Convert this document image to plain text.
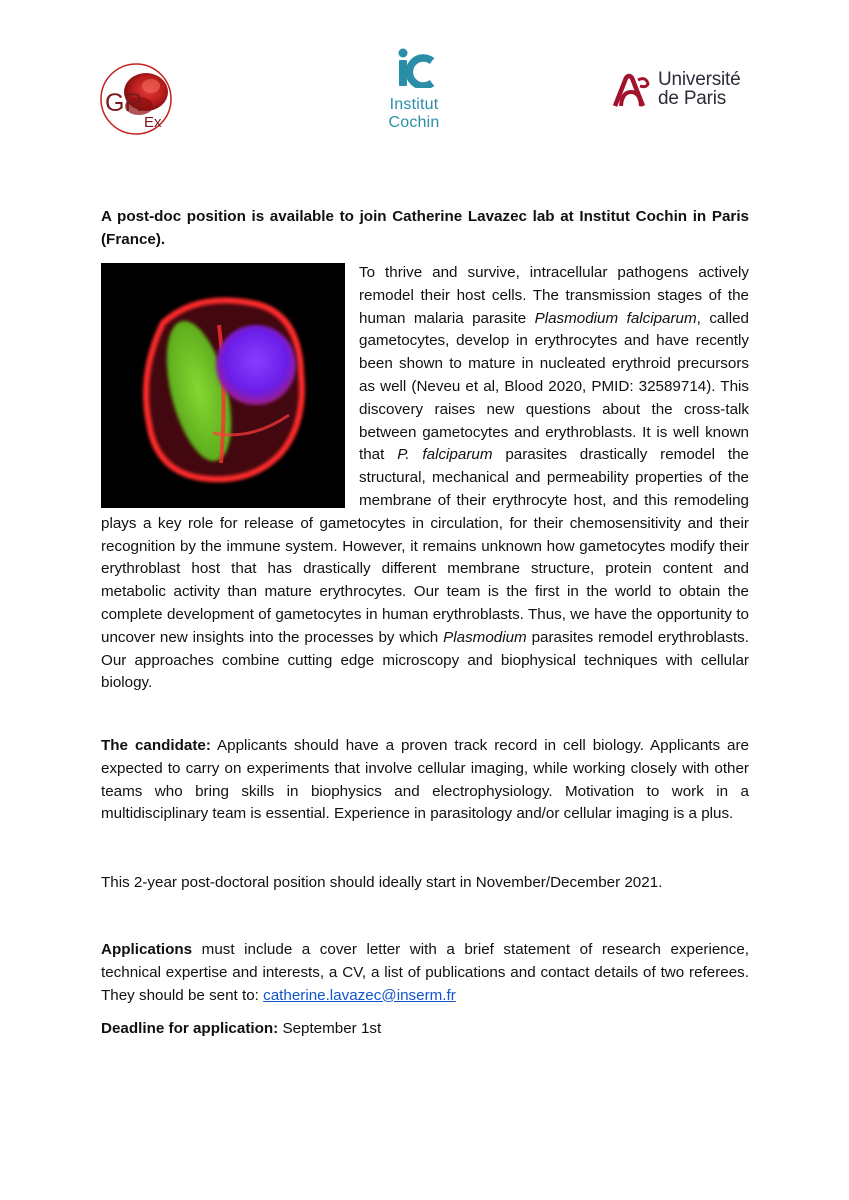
GR
Ex
Institut
Cochin
Université
de Paris
A post-doc position is available to join Catherine Lavazec lab at Institut Cochin in Paris (France).
To thrive and survive, intracellular pathogens actively remodel their host cells. The transmission stages of the human malaria parasite Plasmodium falciparum, called gametocytes, develop in erythrocytes and have recently been shown to mature in nucleated erythroid precursors as well (Neveu et al, Blood 2020, PMID: 32589714). This discovery raises new questions about the cross-talk between gametocytes and erythroblasts. It is well known that P. falciparum parasites drastically remodel the structural, mechanical and permeability properties of the membrane of their erythrocyte host, and this remodeling plays a key role for release of gametocytes in circulation, for their chemosensitivity and their recognition by the immune system. However, it remains unknown how gametocytes modify their erythroblast host that has drastically different membrane structure, protein content and metabolic activity than mature erythrocytes. Our team is the first in the world to obtain the complete development of gametocytes in human erythroblasts. Thus, we have the opportunity to uncover new insights into the processes by which Plasmodium parasites remodel erythroblasts. Our approaches combine cutting edge microscopy and biophysical techniques with cellular biology.

The candidate: Applicants should have a proven track record in cell biology. Applicants are expected to carry on experiments that involve cellular imaging, while working closely with other teams who bring skills in biophysics and electrophysiology. Motivation to work in a multidisciplinary team is essential. Experience in parasitology and/or cellular imaging is a plus.

This 2-year post-doctoral position should ideally start in November/December 2021.

Applications must include a cover letter with a brief statement of research experience, technical expertise and interests, a CV, a list of publications and contact details of two referees. They should be sent to: catherine.lavazec@inserm.fr

Deadline for application: September 1st
